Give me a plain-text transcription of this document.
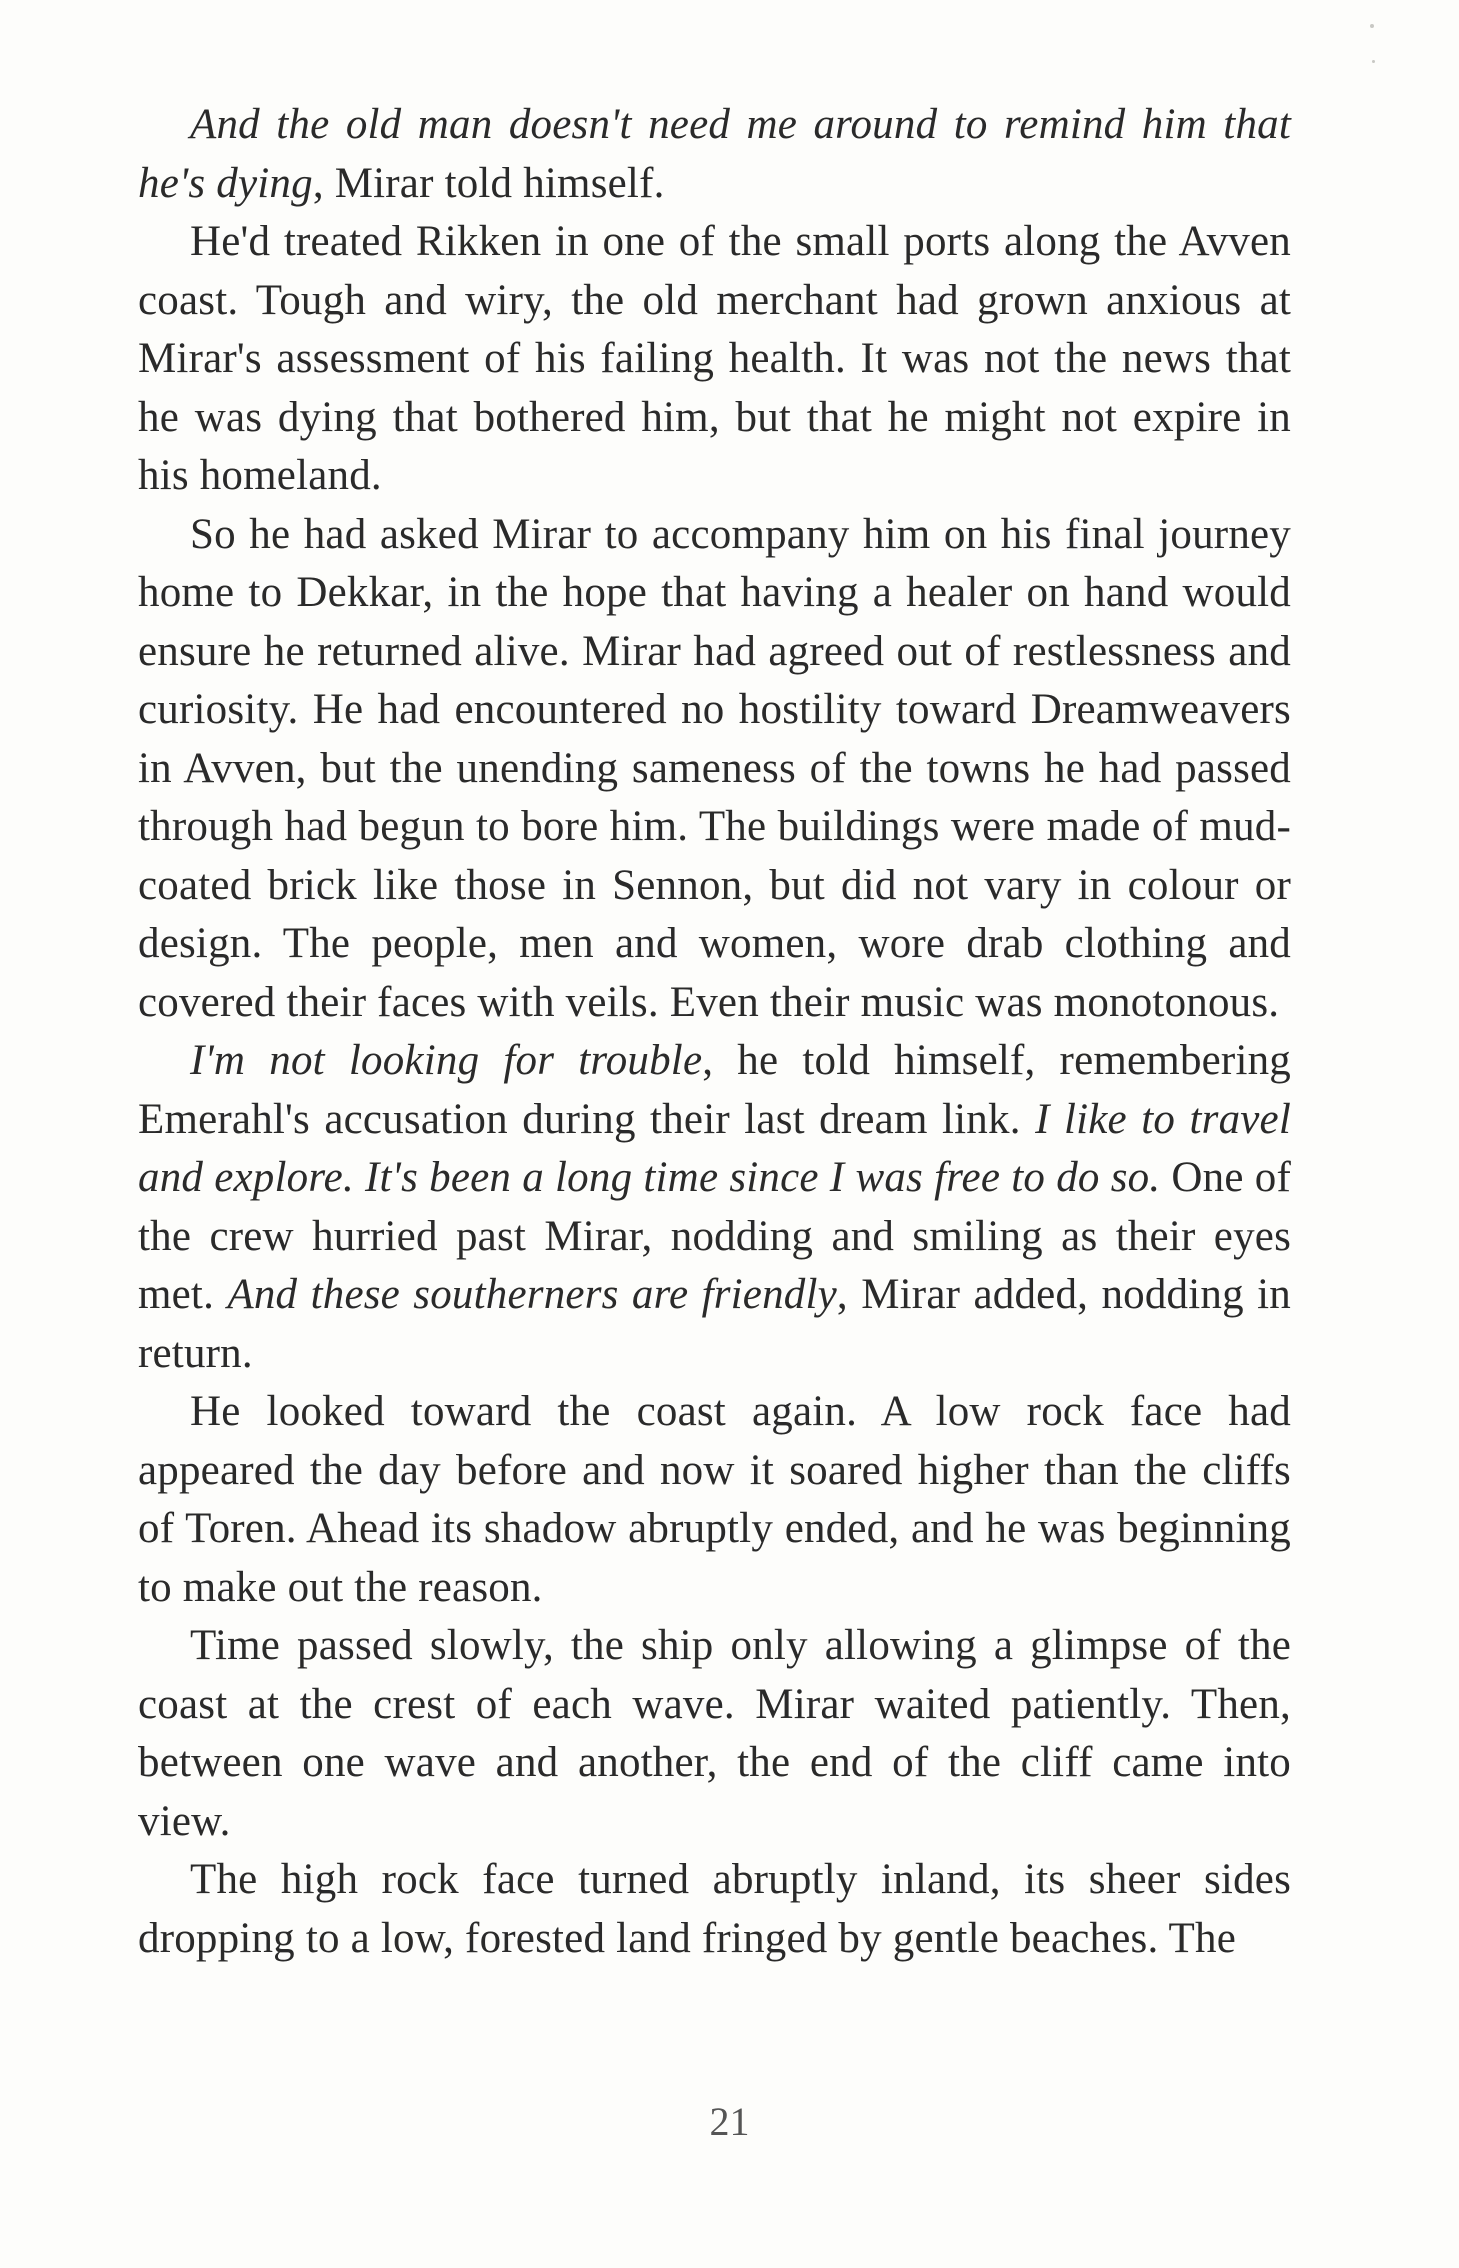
And the old man doesn't need me around to remind him that he's dying, Mirar told himself.

He'd treated Rikken in one of the small ports along the Avven coast. Tough and wiry, the old merchant had grown anxious at Mirar's assessment of his failing health. It was not the news that he was dying that bothered him, but that he might not expire in his homeland.

So he had asked Mirar to accompany him on his final journey home to Dekkar, in the hope that having a healer on hand would ensure he returned alive. Mirar had agreed out of restlessness and curiosity. He had encountered no hostility toward Dreamweavers in Avven, but the unending sameness of the towns he had passed through had begun to bore him. The buildings were made of mud-coated brick like those in Sennon, but did not vary in colour or design. The people, men and women, wore drab clothing and covered their faces with veils. Even their music was monotonous.

I'm not looking for trouble, he told himself, remembering Emerahl's accusation during their last dream link. I like to travel and explore. It's been a long time since I was free to do so. One of the crew hurried past Mirar, nodding and smiling as their eyes met. And these southerners are friendly, Mirar added, nodding in return.

He looked toward the coast again. A low rock face had appeared the day before and now it soared higher than the cliffs of Toren. Ahead its shadow abruptly ended, and he was beginning to make out the reason.

Time passed slowly, the ship only allowing a glimpse of the coast at the crest of each wave. Mirar waited patiently. Then, between one wave and another, the end of the cliff came into view.

The high rock face turned abruptly inland, its sheer sides dropping to a low, forested land fringed by gentle beaches. The

21
